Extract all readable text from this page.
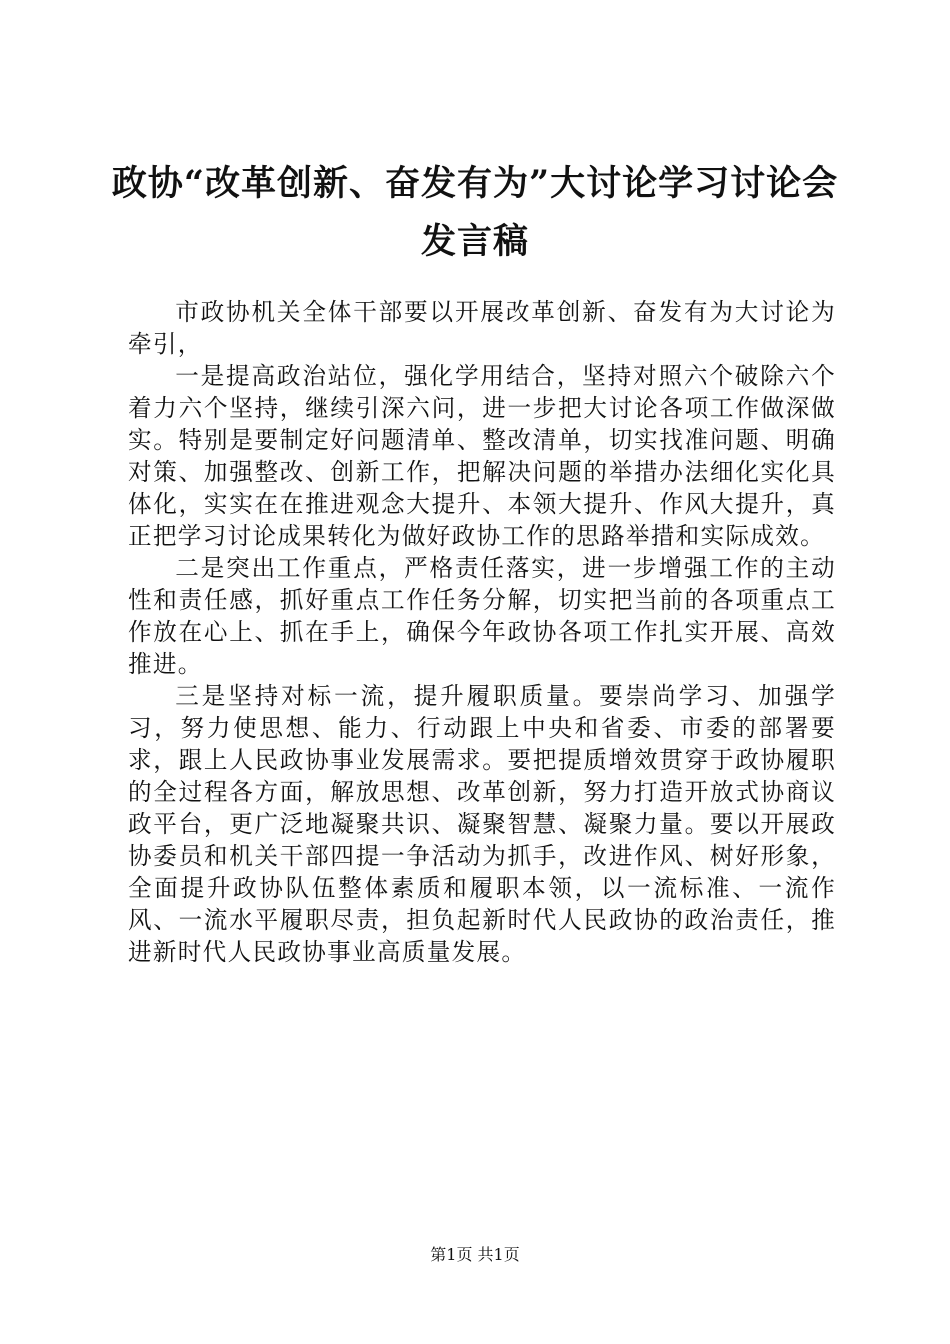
政协“改革创新、奋发有为”大讨论学习讨论会发言稿

市政协机关全体干部要以开展改革创新、奋发有为大讨论为牵引，

一是提高政治站位，强化学用结合，坚持对照六个破除六个着力六个坚持，继续引深六问，进一步把大讨论各项工作做深做实。特别是要制定好问题清单、整改清单，切实找准问题、明确对策、加强整改、创新工作，把解决问题的举措办法细化实化具体化，实实在在推进观念大提升、本领大提升、作风大提升，真正把学习讨论成果转化为做好政协工作的思路举措和实际成效。

二是突出工作重点，严格责任落实，进一步增强工作的主动性和责任感，抓好重点工作任务分解，切实把当前的各项重点工作放在心上、抓在手上，确保今年政协各项工作扎实开展、高效推进。

三是坚持对标一流，提升履职质量。要崇尚学习、加强学习，努力使思想、能力、行动跟上中央和省委、市委的部署要求，跟上人民政协事业发展需求。要把提质增效贯穿于政协履职的全过程各方面，解放思想、改革创新，努力打造开放式协商议政平台，更广泛地凝聚共识、凝聚智慧、凝聚力量。要以开展政协委员和机关干部四提一争活动为抓手，改进作风、树好形象，全面提升政协队伍整体素质和履职本领，以一流标准、一流作风、一流水平履职尽责，担负起新时代人民政协的政治责任，推进新时代人民政协事业高质量发展。

第1页 共1页
